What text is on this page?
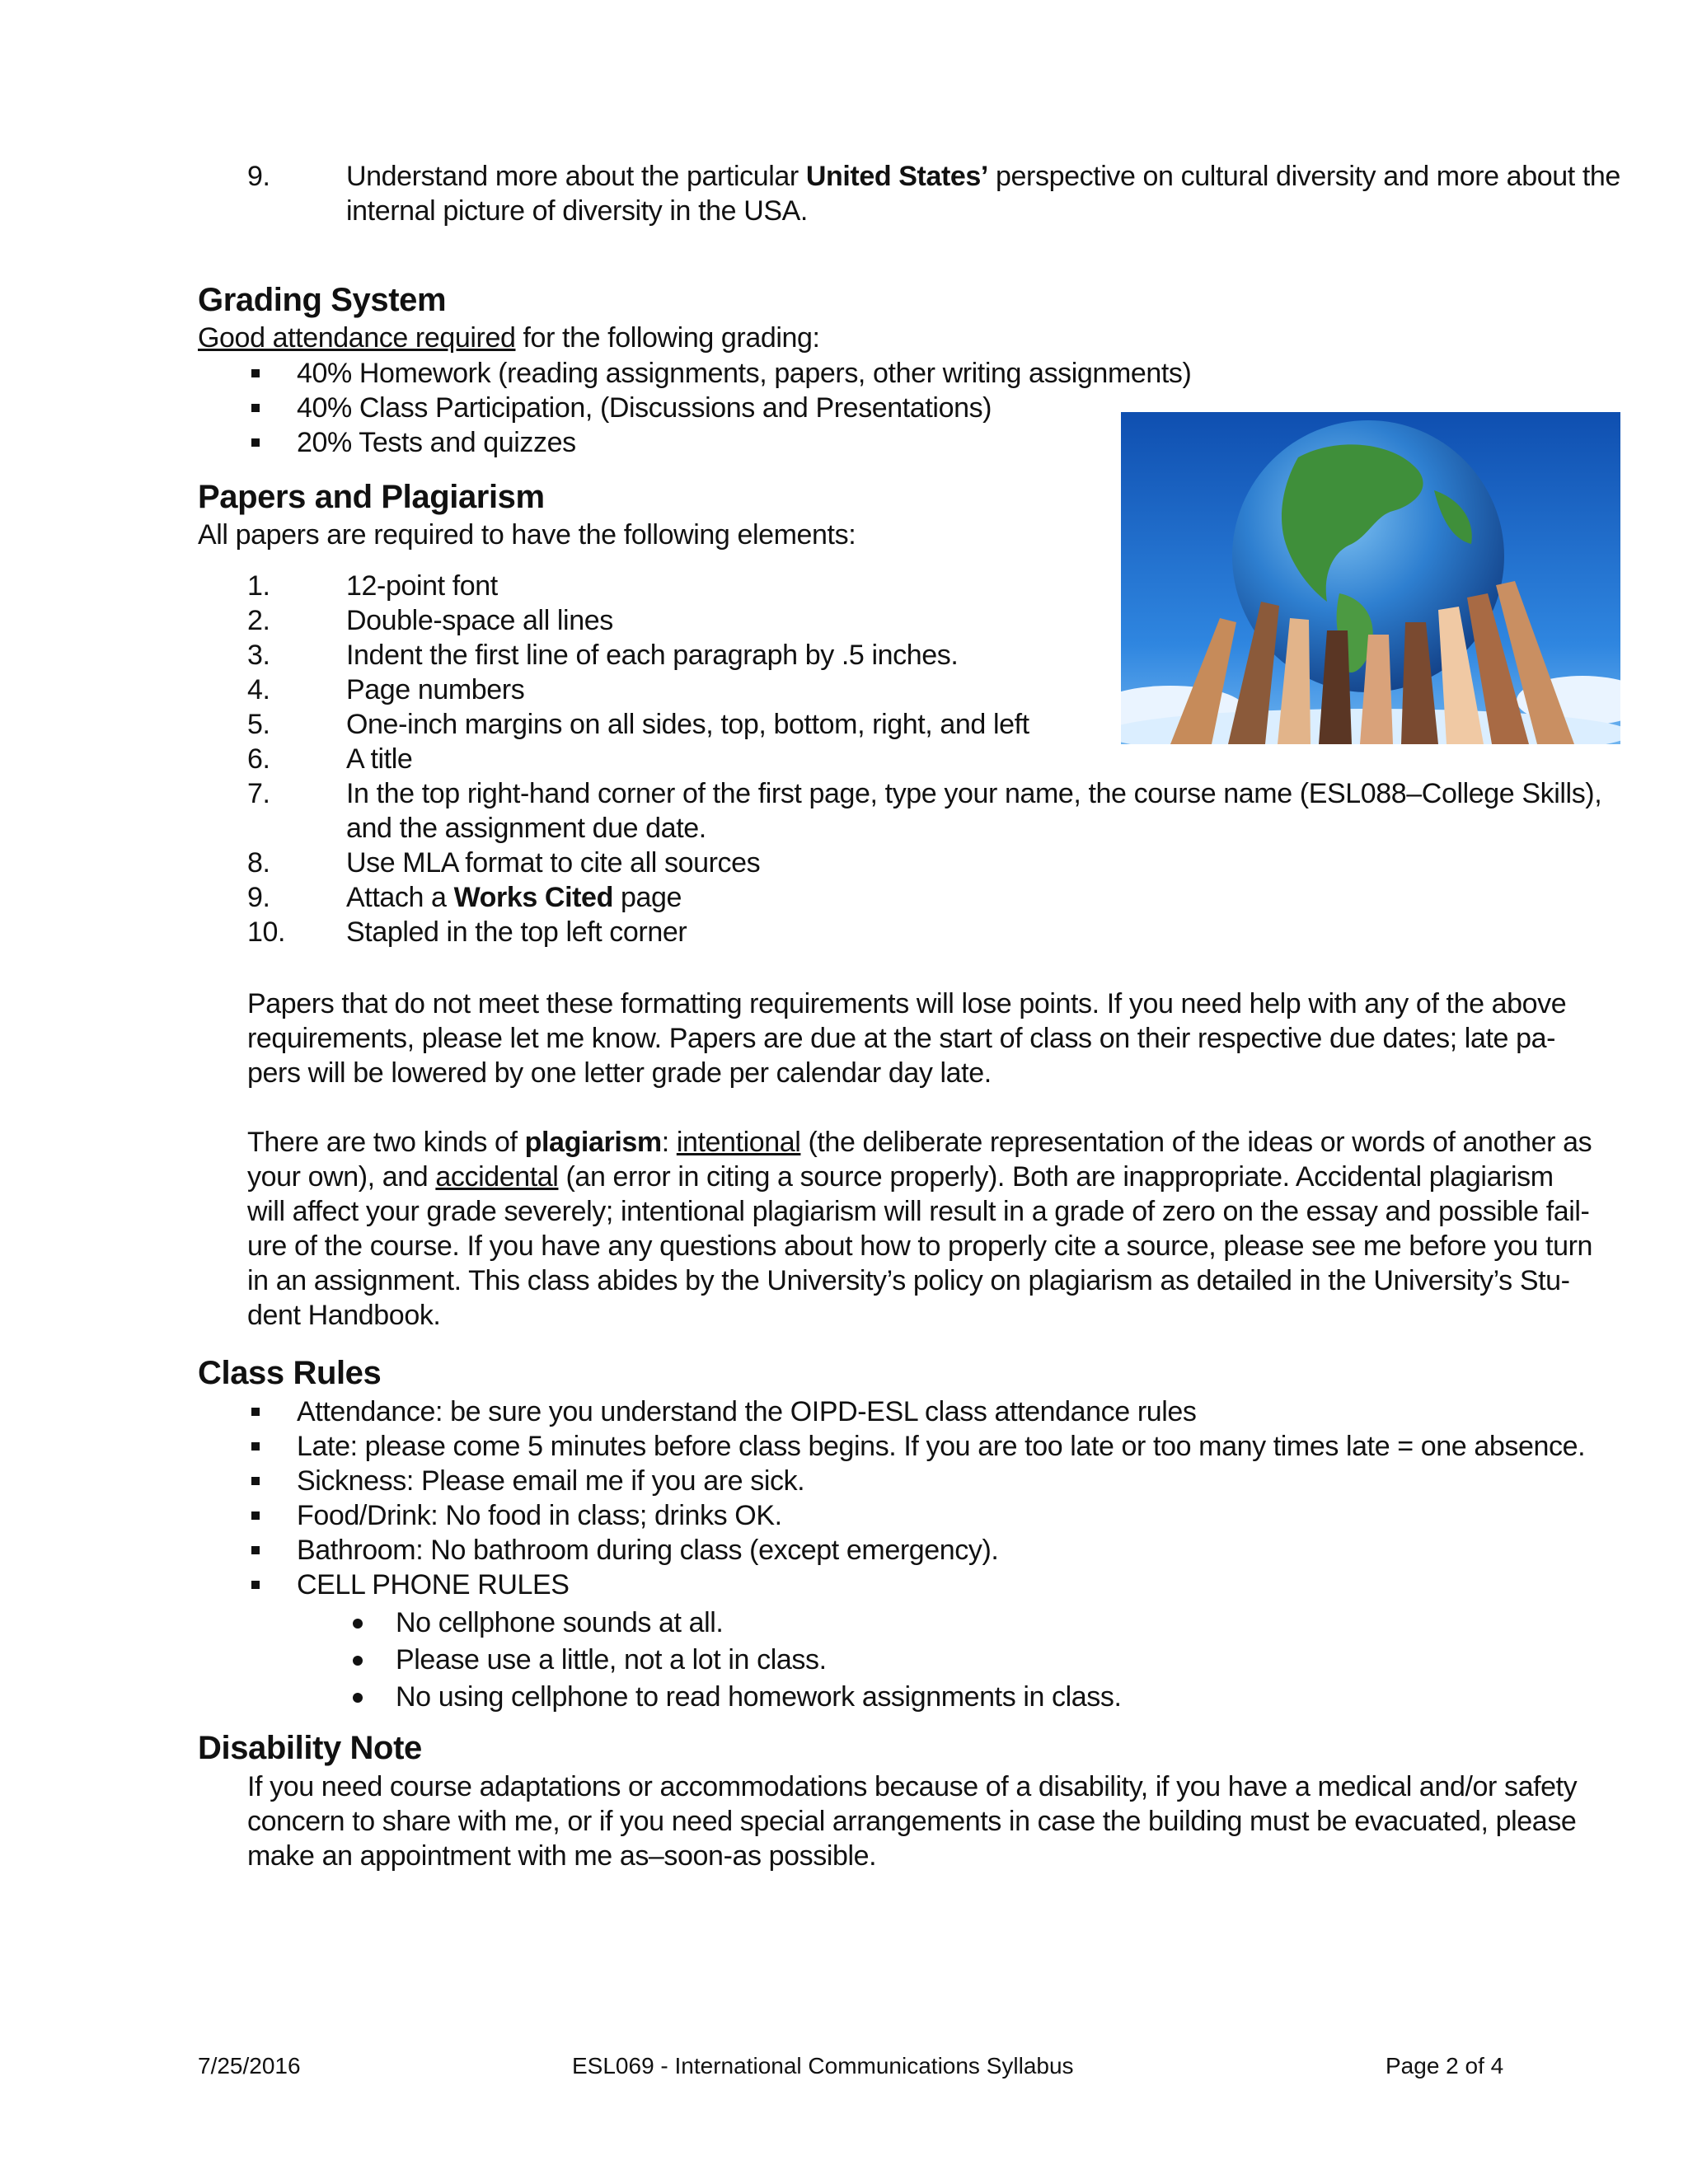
9.	Understand more about the particular United States’ perspective on cultural diversity and more about the
internal picture of diversity in the USA.
Grading System
Good attendance required for the following grading:
40% Homework (reading assignments, papers, other writing assignments)
40% Class Participation, (Discussions and Presentations)
20% Tests and quizzes
Papers and Plagiarism
All papers are required to have the following elements:
1.	12-point font
2.	Double-space all lines
3.	Indent the first line of each paragraph by .5 inches.
4.	Page numbers
5.	One-inch margins on all sides, top, bottom, right, and left
6.	A title
7.	In the top right-hand corner of the first page, type your name, the course name (ESL088–College Skills),
and the assignment due date.
8.	Use MLA format to cite all sources
9.	Attach a Works Cited page
10. Stapled in the top left corner
Papers that do not meet these formatting requirements will lose points. If you need help with any of the above
requirements, please let me know. Papers are due at the start of class on their respective due dates; late pa-
pers will be lowered by one letter grade per calendar day late.
There are two kinds of plagiarism: intentional (the deliberate representation of the ideas or words of another as
your own), and accidental (an error in citing a source properly). Both are inappropriate. Accidental plagiarism
will affect your grade severely; intentional plagiarism will result in a grade of zero on the essay and possible fail-
ure of the course. If you have any questions about how to properly cite a source, please see me before you turn
in an assignment. This class abides by the University’s policy on plagiarism as detailed in the University’s Stu-
dent Handbook.
Class Rules
Attendance: be sure you understand the OIPD-ESL class attendance rules
Late: please come 5 minutes before class begins. If you are too late or too many times late = one absence.
Sickness: Please email me if you are sick.
Food/Drink: No food in class; drinks OK.
Bathroom: No bathroom during class (except emergency).
CELL PHONE RULES
No cellphone sounds at all.
Please use a little, not a lot in class.
No using cellphone to read homework assignments in class.
Disability Note
If you need course adaptations or accommodations because of a disability, if you have a medical and/or safety
concern to share with me, or if you need special arrangements in case the building must be evacuated, please
make an appointment with me as–soon-as possible.
7/25/2016	ESL069 - International Communications Syllabus	Page 2 of 4
